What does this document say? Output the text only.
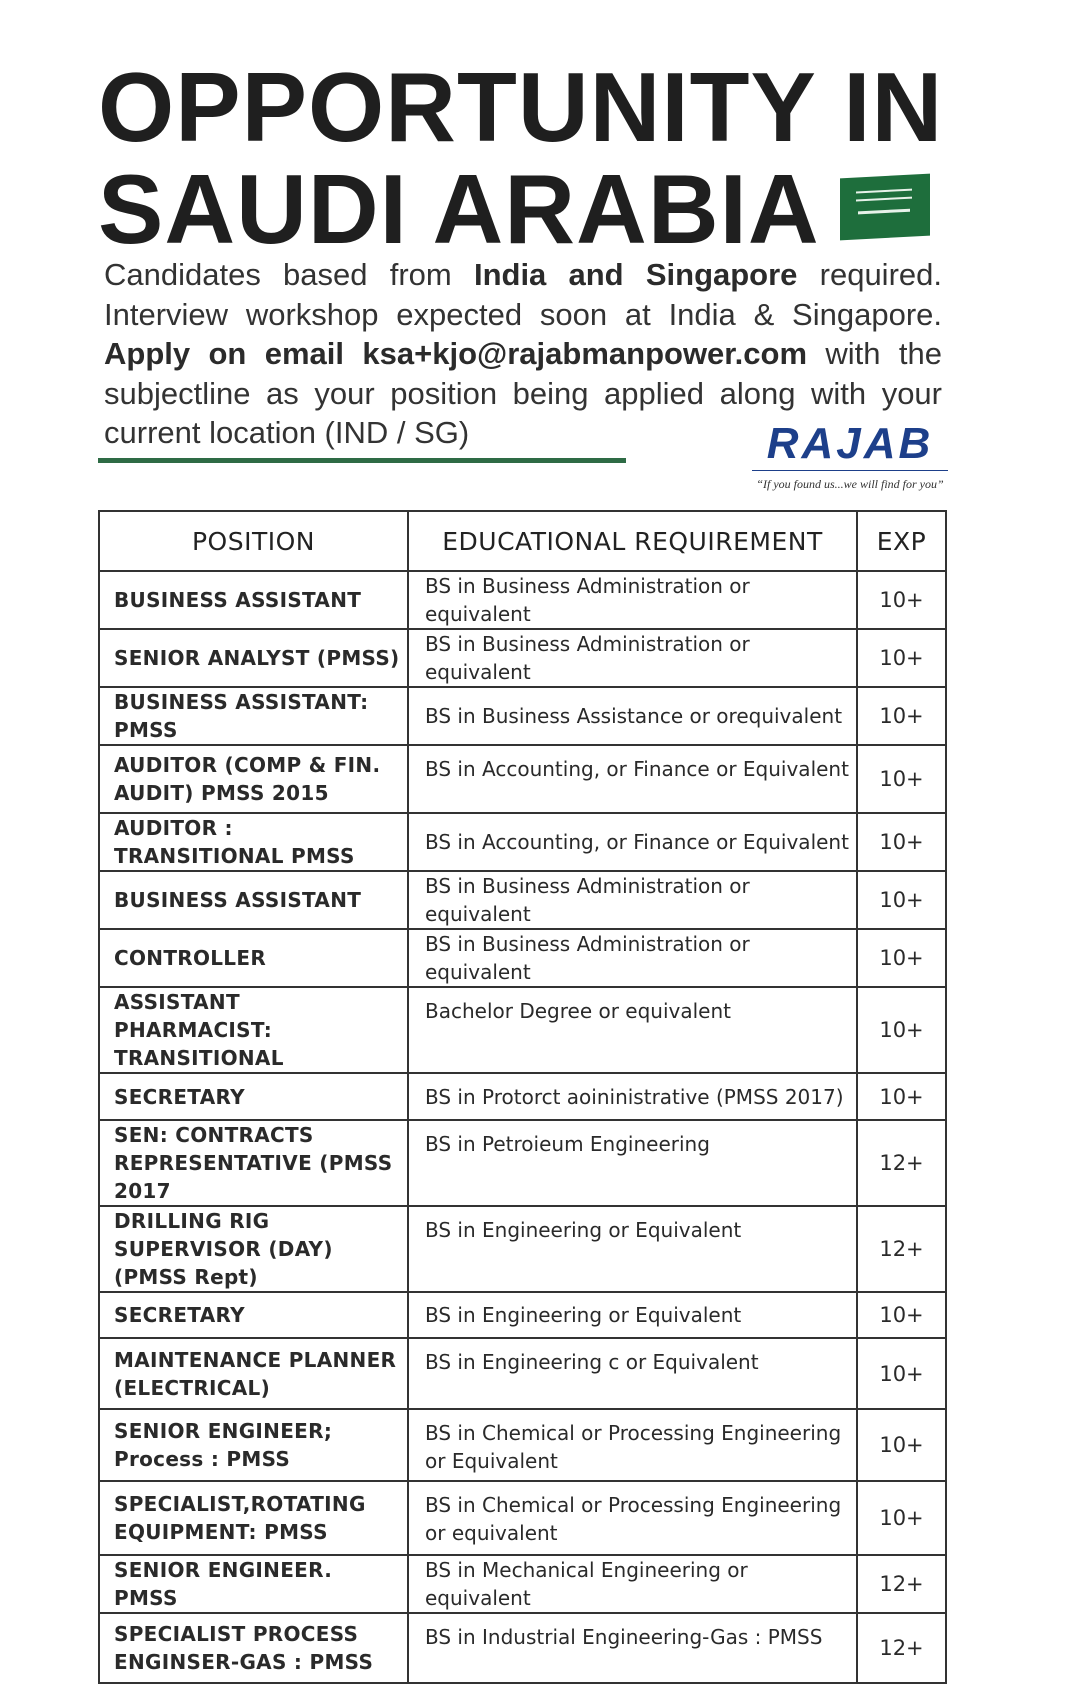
OPPORTUNITY IN
SAUDI ARABIA

Candidates based from India and Singapore required.

Interview workshop expected soon at India & Singapore.

Apply on email ksa+kjo@rajabmanpower.com with the

subjectline as your position being applied along with your

current location (IND / SG)	RAJAB
“If you found us...we will find for you”
POSITION	EDUCATIONAL REQUIREMENT	EXP
BUSINESS ASSISTANT	BS in Business Administration or equivalent	10+
SENIOR ANALYST (PMSS)	BS in Business Administration or equivalent	10+
BUSINESS ASSISTANT: PMSS	BS in Business Assistance or orequivalent	10+
AUDITOR (COMP & FIN. AUDIT) PMSS 2015	BS in Accounting, or Finance or Equivalent	10+
AUDITOR : TRANSITIONAL PMSS	BS in Accounting, or Finance or Equivalent	10+
BUSINESS ASSISTANT	BS in Business Administration or equivalent	10+
CONTROLLER	BS in Business Administration or equivalent	10+
ASSISTANT PHARMACIST: TRANSITIONAL	Bachelor Degree or equivalent	10+
SECRETARY	BS in Protorct aoininistrative (PMSS 2017)	10+
SEN: CONTRACTS REPRESENTATIVE (PMSS 2017	BS in Petroieum Engineering	12+
DRILLING RIG SUPERVISOR (DAY) (PMSS Rept)	BS in Engineering or Equivalent	12+
SECRETARY	BS in Engineering or Equivalent	10+
MAINTENANCE PLANNER (ELECTRICAL)	BS in Engineering c or Equivalent	10+
SENIOR ENGINEER; Process : PMSS	BS in Chemical or Processing Engineering or Equivalent	10+
SPECIALIST,ROTATING EQUIPMENT: PMSS	BS in Chemical or Processing Engineering or equivalent	10+
SENIOR ENGINEER. PMSS	BS in Mechanical Engineering or equivalent	12+
SPECIALIST PROCESS ENGINSER-GAS : PMSS	BS in Industrial Engineering-Gas : PMSS	12+
